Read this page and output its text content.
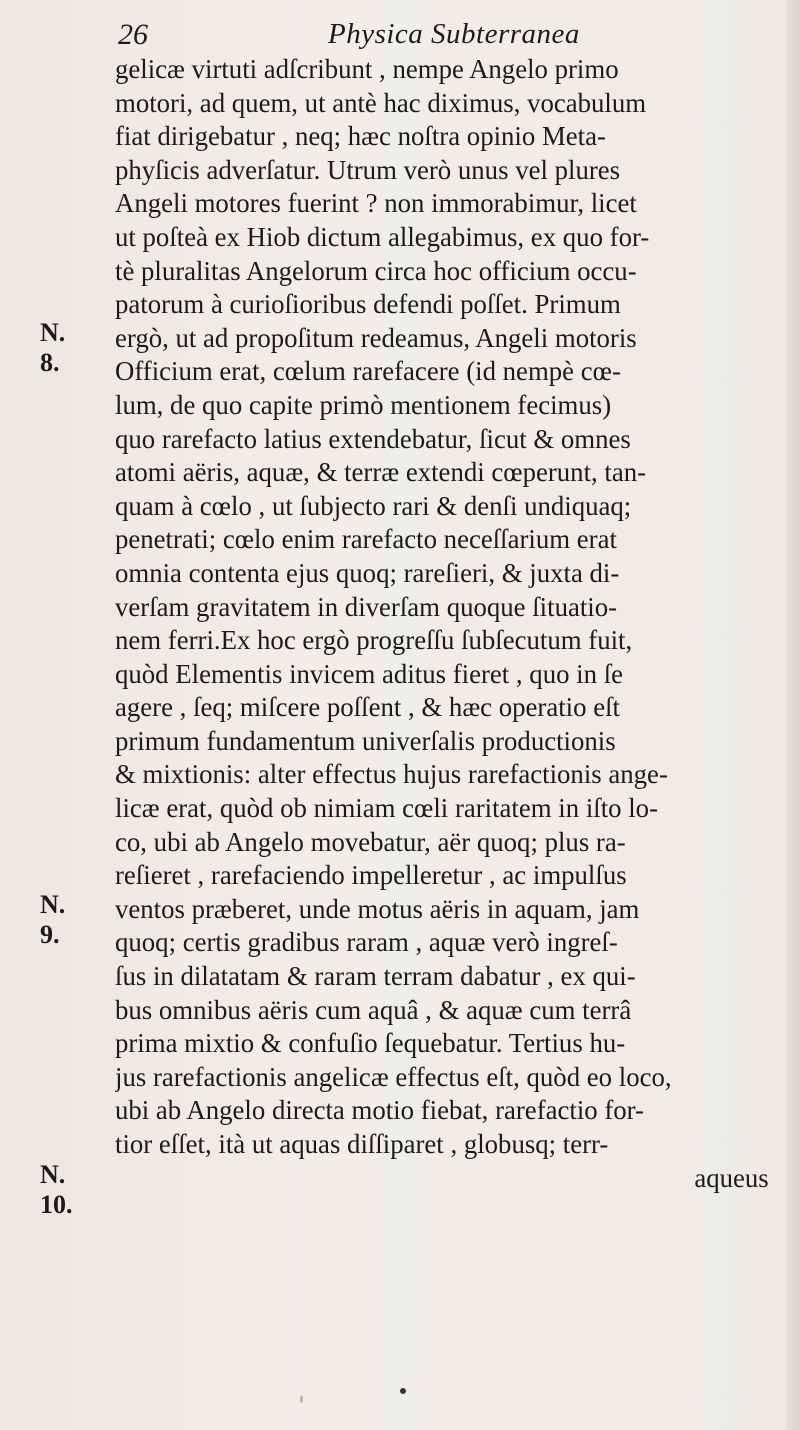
26	Physica Subterranea
N.
8.
N.
9.
N.
10.
gelicæ virtuti adſcribunt , nempe Angelo primo
motori, ad quem, ut antè hac diximus, vocabulum
fiat dirigebatur , neq; hæc noſtra opinio Meta-
phyſicis adverſatur. Utrum verò unus vel plures
Angeli motores fuerint ? non immorabimur, licet
ut poſteà ex Hiob dictum allegabimus, ex quo for-
tè pluralitas Angelorum circa hoc officium occu-
patorum à curioſioribus defendi poſſet. Primum
ergò, ut ad propoſitum redeamus, Angeli motoris
Officium erat, cœlum rarefacere (id nempè cœ-
lum, de quo capite primò mentionem fecimus)
quo rarefacto latius extendebatur, ſicut & omnes
atomi aëris, aquæ, & terræ extendi cœperunt, tan-
quam à cœlo , ut ſubjecto rari & denſi undiquaq;
penetrati; cœlo enim rarefacto neceſſarium erat
omnia contenta ejus quoq; rareſieri, & juxta di-
verſam gravitatem in diverſam quoque ſituatio-
nem ferri.Ex hoc ergò progreſſu ſubſecutum fuit,
quòd Elementis invicem aditus fieret , quo in ſe
agere , ſeq; miſcere poſſent , & hæc operatio eſt
primum fundamentum univerſalis productionis
& mixtionis: alter effectus hujus rarefactionis ange-
licæ erat, quòd ob nimiam cœli raritatem in iſto lo-
co, ubi ab Angelo movebatur, aër quoq; plus ra-
reſieret , rarefaciendo impelleretur , ac impulſus
ventos præberet, unde motus aëris in aquam, jam
quoq; certis gradibus raram , aquæ verò ingreſ-
ſus in dilatatam & raram terram dabatur , ex qui-
bus omnibus aëris cum aquâ , & aquæ cum terrâ
prima mixtio & confuſio ſequebatur. Tertius hu-
jus rarefactionis angelicæ effectus eſt, quòd eo loco,
ubi ab Angelo directa motio fiebat, rarefactio for-
tior eſſet, ità ut aquas diſſiparet , globusq; terr-
aqueus
